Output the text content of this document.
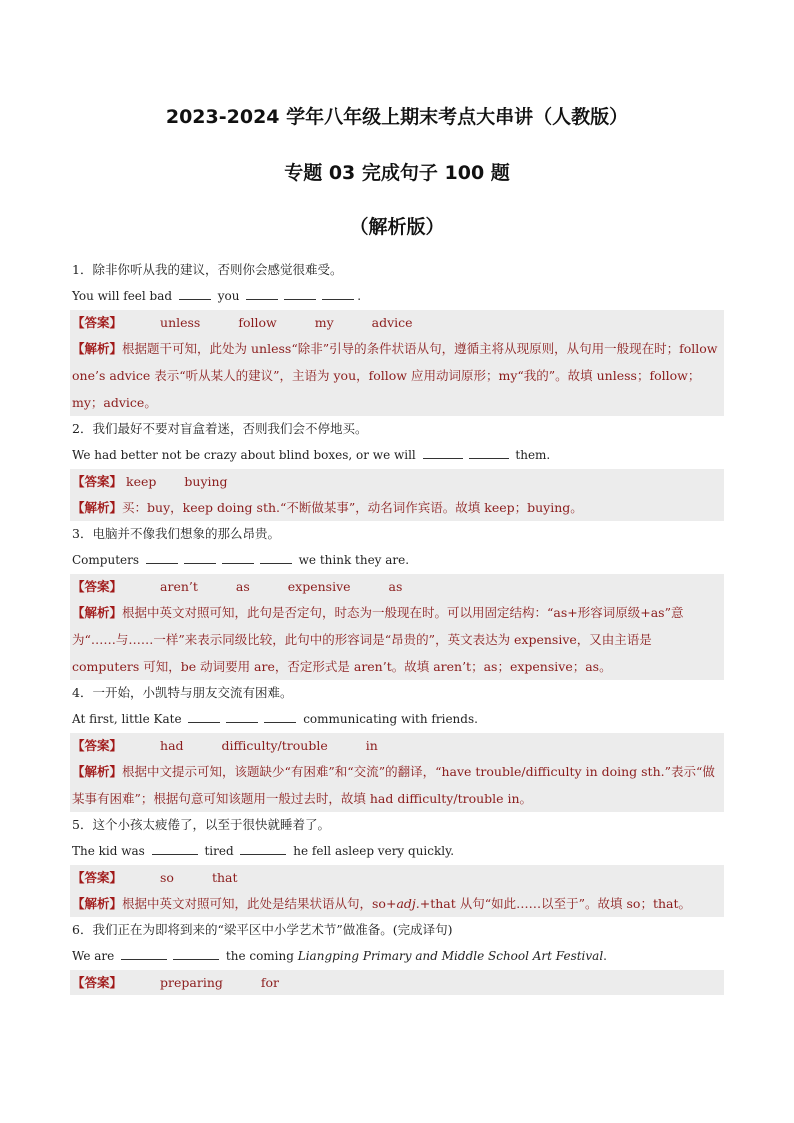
2023-2024 学年八年级上期末考点大串讲（人教版）
专题 03 完成句子 100 题
（解析版）

1．除非你听从我的建议，否则你会感觉很难受。

You will feel bad	you	.

【答案】	unless	follow	my	advice
【解析】根据题干可知，此处为 unless“除非”引导的条件状语从句，遵循主将从现原则，从句用一般现在时；follow one’s advice 表示“听从某人的建议”，主语为 you，follow 应用动词原形；my“我的”。故填 unless；follow；my；advice。

2．我们最好不要对盲盒着迷，否则我们会不停地买。

We had better not be crazy about blind boxes, or we will	them.

【答案】 keep buying
【解析】买：buy，keep doing sth.“不断做某事”，动名词作宾语。故填 keep；buying。

3．电脑并不像我们想象的那么昂贵。

Computers	we think they are.

【答案】	aren’t	as	expensive	as
【解析】根据中英文对照可知，此句是否定句，时态为一般现在时。可以用固定结构：“as+形容词原级+as”意为“……与……一样”来表示同级比较，此句中的形容词是“昂贵的”，英文表达为 expensive，又由主语是 computers 可知，be 动词要用 are，否定形式是 aren’t。故填 aren’t；as；expensive；as。

4．一开始，小凯特与朋友交流有困难。

At first, little Kate	communicating with friends.

【答案】	had	difficulty/trouble	in
【解析】根据中文提示可知，该题缺少“有困难”和“交流”的翻译，“have trouble/difficulty in doing sth.”表示“做某事有困难”；根据句意可知该题用一般过去时，故填 had difficulty/trouble in。

5．这个小孩太疲倦了，以至于很快就睡着了。

The kid was	tired	he fell asleep very quickly.

【答案】	so	that
【解析】根据中英文对照可知，此处是结果状语从句，so+adj.+that 从句“如此……以至于”。故填 so；that。

6．我们正在为即将到来的“梁平区中小学艺术节”做准备。(完成译句)

We are	the coming Liangping Primary and Middle School Art Festival.

【答案】	preparing	for
